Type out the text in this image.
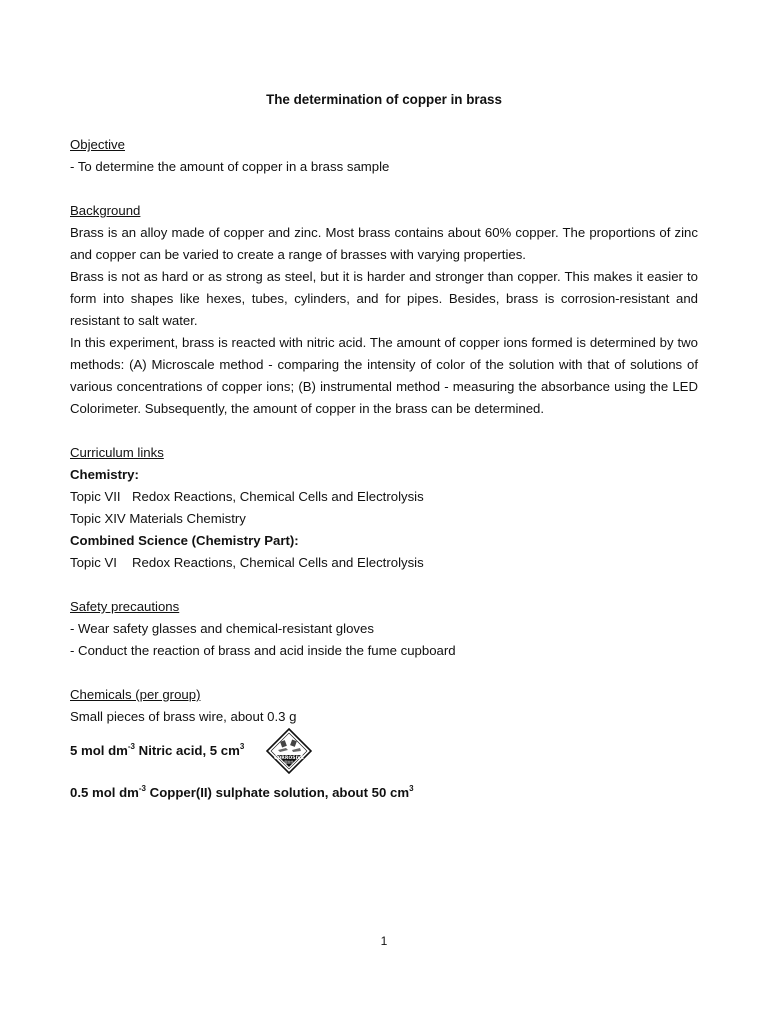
The determination of copper in brass
Objective
- To determine the amount of copper in a brass sample
Background
Brass is an alloy made of copper and zinc. Most brass contains about 60% copper. The proportions of zinc and copper can be varied to create a range of brasses with varying properties.
Brass is not as hard or as strong as steel, but it is harder and stronger than copper. This makes it easier to form into shapes like hexes, tubes, cylinders, and for pipes. Besides, brass is corrosion-resistant and resistant to salt water.
In this experiment, brass is reacted with nitric acid. The amount of copper ions formed is determined by two methods: (A) Microscale method - comparing the intensity of color of the solution with that of solutions of various concentrations of copper ions; (B) instrumental method - measuring the absorbance using the LED Colorimeter. Subsequently, the amount of copper in the brass can be determined.
Curriculum links
Chemistry:
Topic VII Redox Reactions, Chemical Cells and Electrolysis
Topic XIV Materials Chemistry
Combined Science (Chemistry Part):
Topic VI Redox Reactions, Chemical Cells and Electrolysis
Safety precautions
- Wear safety glasses and chemical-resistant gloves
- Conduct the reaction of brass and acid inside the fume cupboard
Chemicals (per group)
Small pieces of brass wire, about 0.3 g
5 mol $dm^{-3}$ Nitric acid, 5 $cm^3$
CORROSIVE
腐蝕性
0.5 mol $dm^{-3}$ Copper(II) sulphate solution, about 50 $cm^3$
1
